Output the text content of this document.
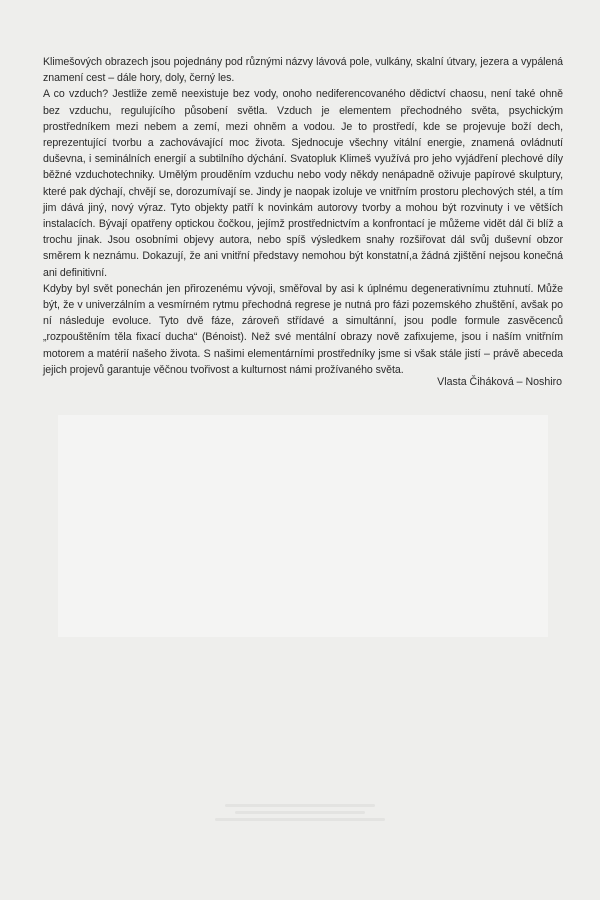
Klimešových obrazech jsou pojednány pod různými názvy lávová pole, vulkány, skalní útvary, jezera a vypálená znamení cest – dále hory, doly, černý les.

A co vzduch? Jestliže země neexistuje bez vody, onoho nediferencovaného dědictví chaosu, není také ohně bez vzduchu, regulujícího působení světla. Vzduch je elementem přechodného světa, psychickým prostředníkem mezi nebem a zemí, mezi ohněm a vodou. Je to prostředí, kde se projevuje boží dech, reprezentující tvorbu a zachovávající moc života. Sjednocuje všechny vitální energie, znamená ovládnutí duševna, i seminálních energií a subtilního dýchání. Svatopluk Klimeš využívá pro jeho vyjádření plechové díly běžné vzduchotechniky. Umělým prouděním vzduchu nebo vody někdy nenápadně oživuje papírové skulptury, které pak dýchají, chvějí se, dorozumívají se. Jindy je naopak izoluje ve vnitřním prostoru plechových stél, a tím jim dává jiný, nový výraz. Tyto objekty patří k novinkám autorovy tvorby a mohou být rozvinuty i ve větších instalacích. Bývají opatřeny optickou čočkou, jejímž prostřednictvím a konfrontací je můžeme vidět dál či blíž a trochu jinak. Jsou osobními objevy autora, nebo spíš výsledkem snahy rozšiřovat dál svůj duševní obzor směrem k neznámu. Dokazují, že ani vnitřní představy nemohou být konstatní,a žádná zjištění nejsou konečná ani definitivní.

Kdyby byl svět ponechán jen přirozenému vývoji, směřoval by asi k úplnému degenerativnímu ztuhnutí. Může být, že v univerzálním a vesmírném rytmu přechodná regrese je nutná pro fázi pozemského zhuštění, avšak po ní následuje evoluce. Tyto dvě fáze, zároveň střídavé a simultánní, jsou podle formule zasvěcenců „rozpouštěním těla fixací ducha“ (Bénoist). Než své mentální obrazy nově zafixujeme, jsou i naším vnitřním motorem a matérií našeho života. S našimi elementárními prostředníky jsme si však stále jistí – právě abeceda jejich projevů garantuje věčnou tvořivost a kulturnost námi prožívaného světa.

Vlasta Čiháková – Noshiro
